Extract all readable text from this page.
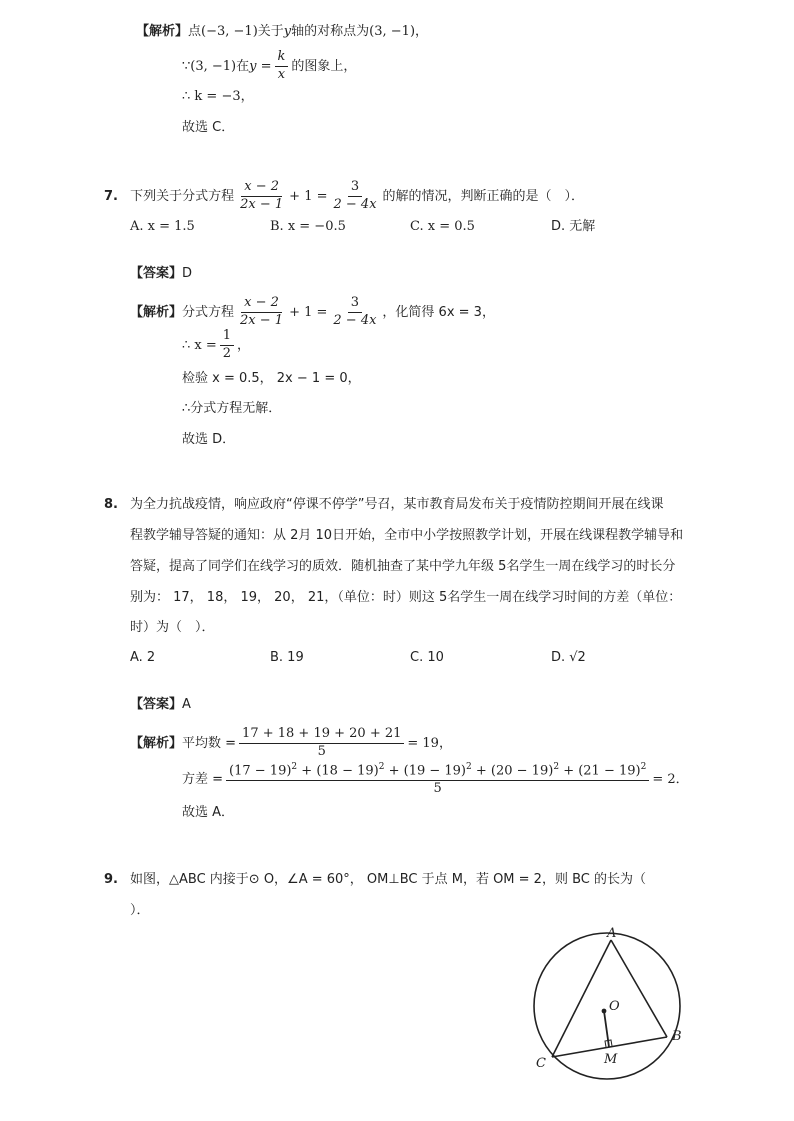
【解析】点(−3, −1)关于y轴的对称点为(3, −1)，
∵(3, −1)在$y = \frac{k}{x}$ 的图象上，
∴ k = −3，
故选 C．
7. 下列关于分式方程 $\frac{x - 2}{2x - 1} + 1 = \frac{3}{2 - 4x}$ 的解的情况，判断正确的是（　）．
A. x = 1.5	B. x = −0.5	C. x = 0.5	D. 无解
【答案】D
【解析】分式方程 $\frac{x - 2}{2x - 1} + 1 = \frac{3}{2 - 4x}$ ，化简得 6x = 3，
∴ $x = \frac{1}{2}$ ，
检验 x = 0.5， 2x − 1 = 0，
∴分式方程无解．
故选 D．
8. 为全力抗战疫情，响应政府“停课不停学”号召，某市教育局发布关于疫情防控期间开展在线课
程教学辅导答疑的通知：从 2月 10日开始，全市中小学按照教学计划，开展在线课程教学辅导和
答疑，提高了同学们在线学习的质效．随机抽查了某中学九年级 5名学生一周在线学习的时长分
别为： 17， 18， 19， 20， 21，（单位：时）则这 5名学生一周在线学习时间的方差（单位：
时）为（　）．
A. 2	B. 19	C. 10	D. √2
【答案】A
【解析】平均数 = $\frac{17 + 18 + 19 + 20 + 21}{5} = 19$，
方差 =
$(17 - 19)^2 + (18 - 19)^2 + (19 - 19)^2 + (20 - 19)^2 + (21 - 19)^2$
5
= 2．
故选 A．
9. 如图，△ABC 内接于⊙ O，∠A = 60°， OM⊥BC 于点 M，若 OM = 2，则 BC 的长为（
）．
A
B
C
O
M
